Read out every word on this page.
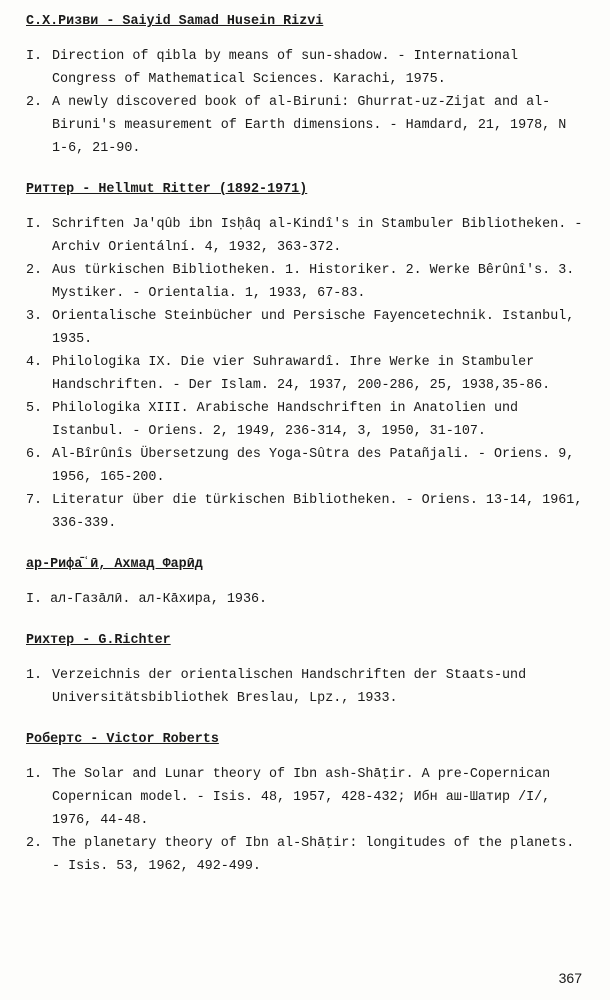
С.Х.Ризви - Saiyid Samad Husein Rizvi
I. Direction of qibla by means of sun-shadow. - International Congress of Mathematical Sciences. Karachi, 1975.
2. A newly discovered book of al-Biruni: Ghurrat-uz-Zijat and al-Biruni's measurement of Earth dimensions. - Hamdard, 21, 1978, N 1-6, 21-90.
Риттер - Hellmut Ritter (1892-1971)
I. Schriften Ja'qûb ibn Isḥâq al-Kindî's in Stambuler Bibliotheken. - Archiv Orientální. 4, 1932, 363-372.
2. Aus türkischen Bibliotheken. 1. Historiker. 2. Werke Bêrûnî's. 3. Mystiker. - Orientalia. 1, 1933, 67-83.
3. Orientalische Steinbücher und Persische Fayencetechnik. Istanbul, 1935.
4. Philologika IX. Die vier Suhrawardî. Ihre Werke in Stambuler Handschriften. - Der Islam. 24, 1937, 200-286, 25, 1938,35-86.
5. Philologika XIII. Arabische Handschriften in Anatolien und Istanbul. - Oriens. 2, 1949, 236-314, 3, 1950, 31-107.
6. Al-Bîrûnîs Übersetzung des Yoga-Sûtra des Patañjali. - Oriens. 9, 1956, 165-200.
7. Literatur über die türkischen Bibliotheken. - Oriens. 13-14, 1961, 336-339.
ар-Рифа̄ʿӣ, Ахмад Фарӣд
I. ал-Газāлӣ. ал-Кāхира, 1936.
Рихтер - G.Richter
1. Verzeichnis der orientalischen Handschriften der Staats-und Universitätsbibliothek Breslau, Lpz., 1933.
Робертс - Victor Roberts
1. The Solar and Lunar theory of Ibn ash-Shāṭir. A pre-Copernican Copernican model. - Isis. 48, 1957, 428-432; Ибн аш-Шатир /I/, 1976, 44-48.
2. The planetary theory of Ibn al-Shāṭir: longitudes of the planets. - Isis. 53, 1962, 492-499.
367
